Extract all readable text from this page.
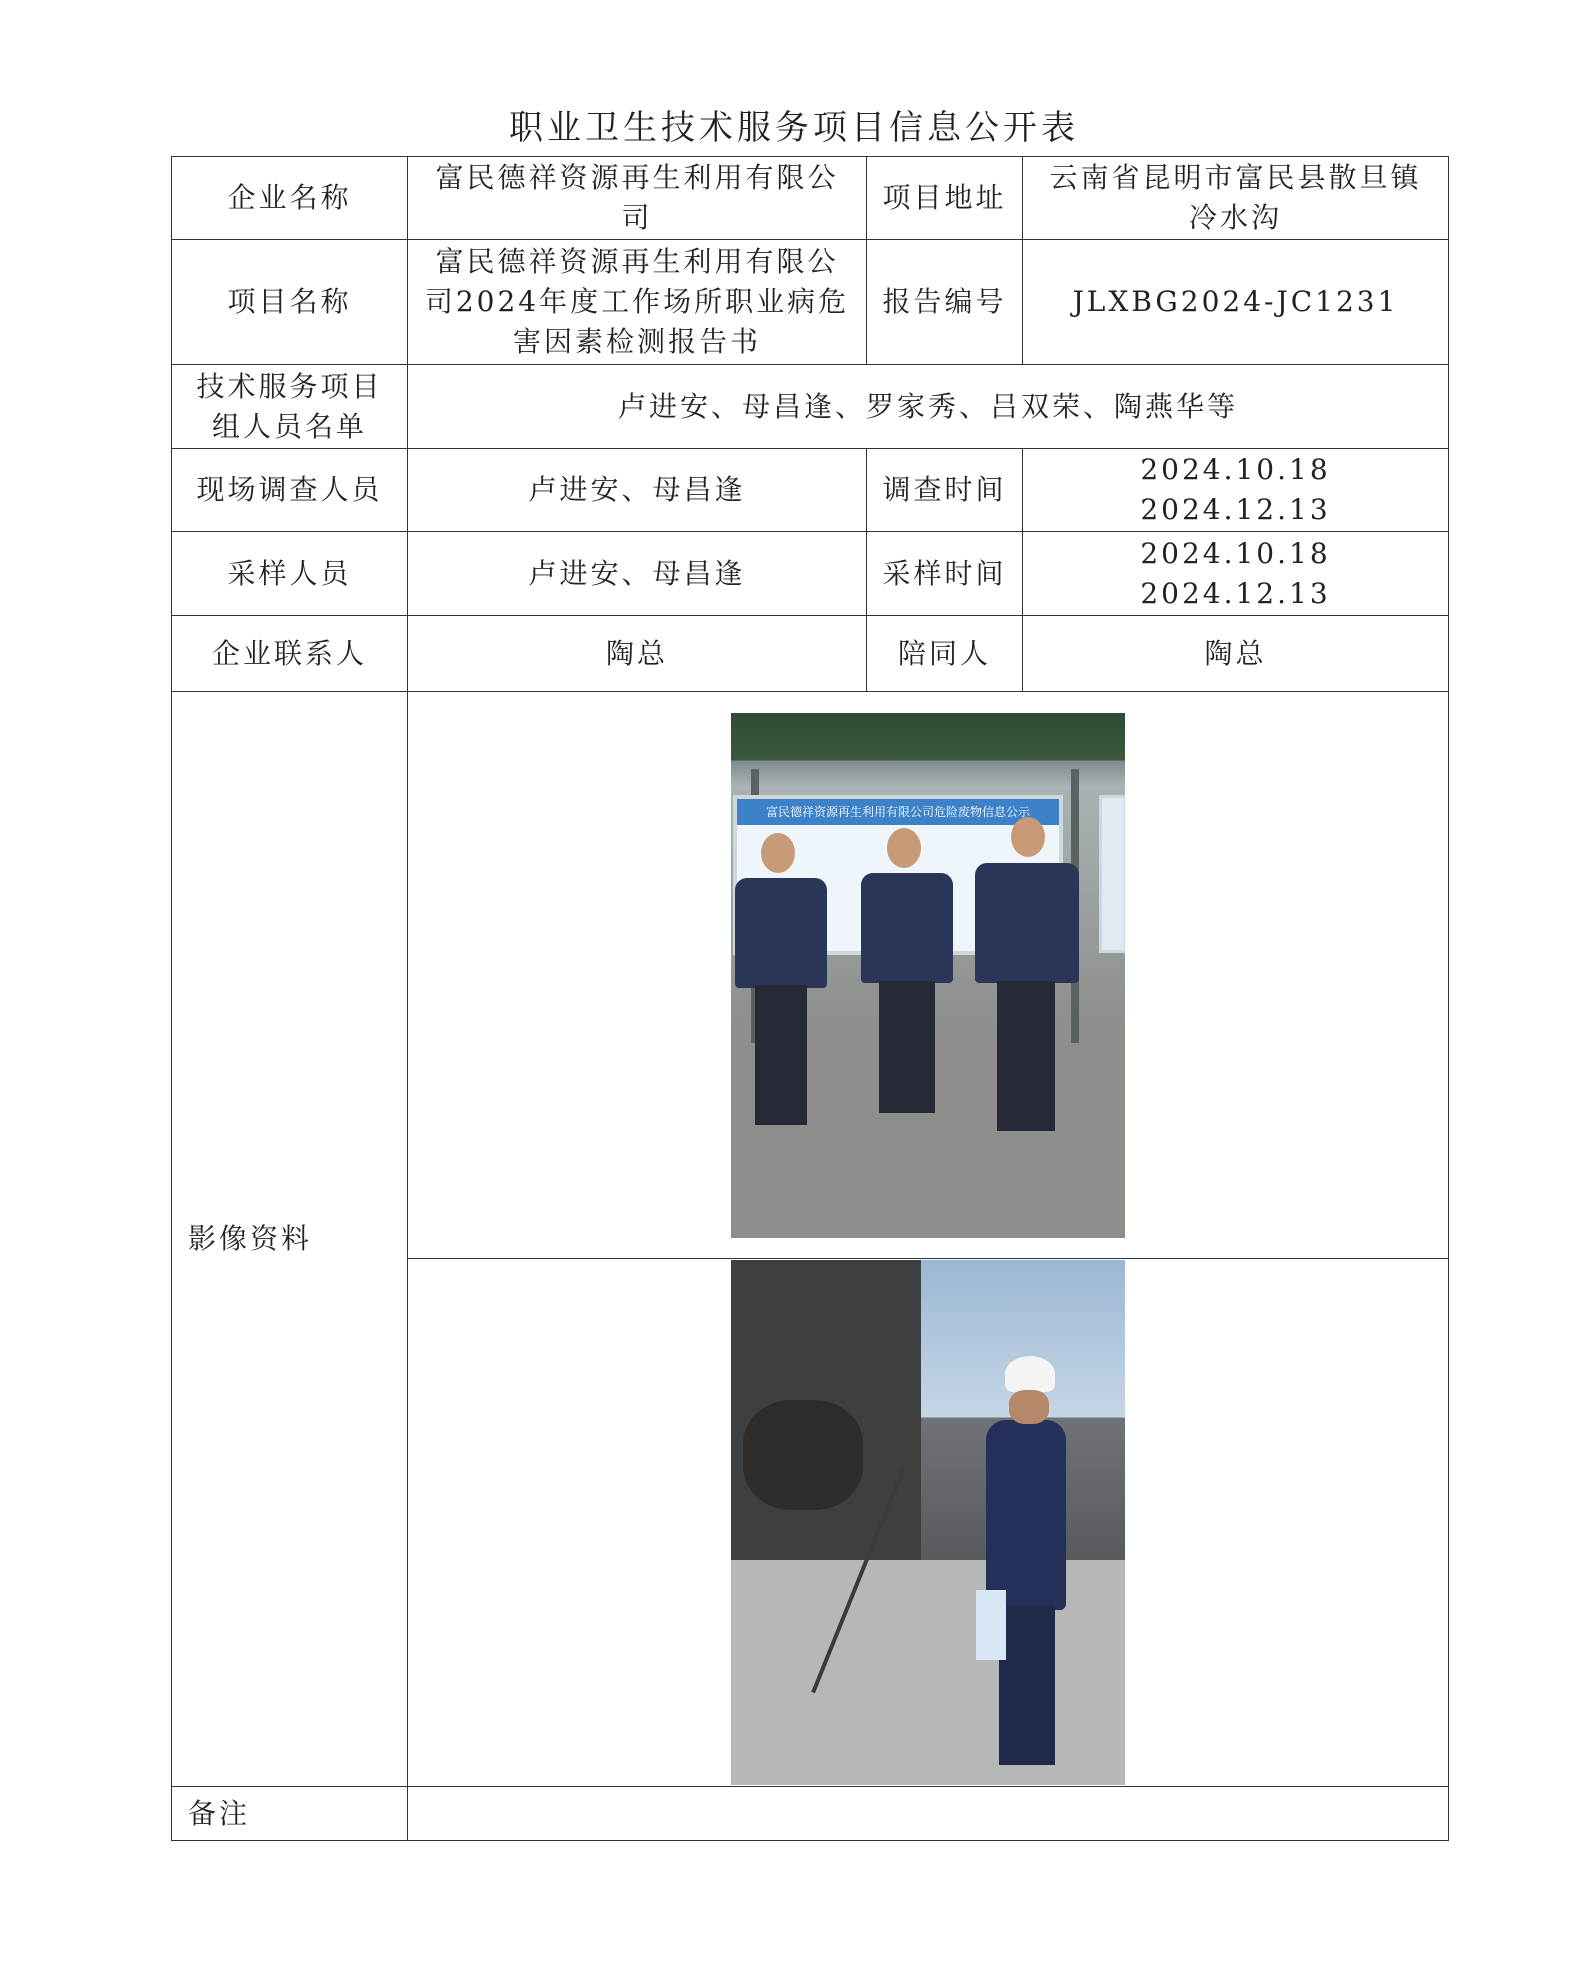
职业卫生技术服务项目信息公开表
企业名称	富民德祥资源再生利用有限公司	项目地址	云南省昆明市富民县散旦镇冷水沟
项目名称	富民德祥资源再生利用有限公司2024年度工作场所职业病危害因素检测报告书	报告编号	JLXBG2024-JC1231
技术服务项目组人员名单	卢进安、母昌逢、罗家秀、吕双荣、陶燕华等		
现场调查人员	卢进安、母昌逢	调查时间	2024.10.18
2024.12.13

采样人员	卢进安、母昌逢	采样时间	2024.10.18
2024.12.13

企业联系人	陶总	陪同人	陶总
影像资料	富民德祥资源再生利用有限公司危险废物信息公示		

备注			
